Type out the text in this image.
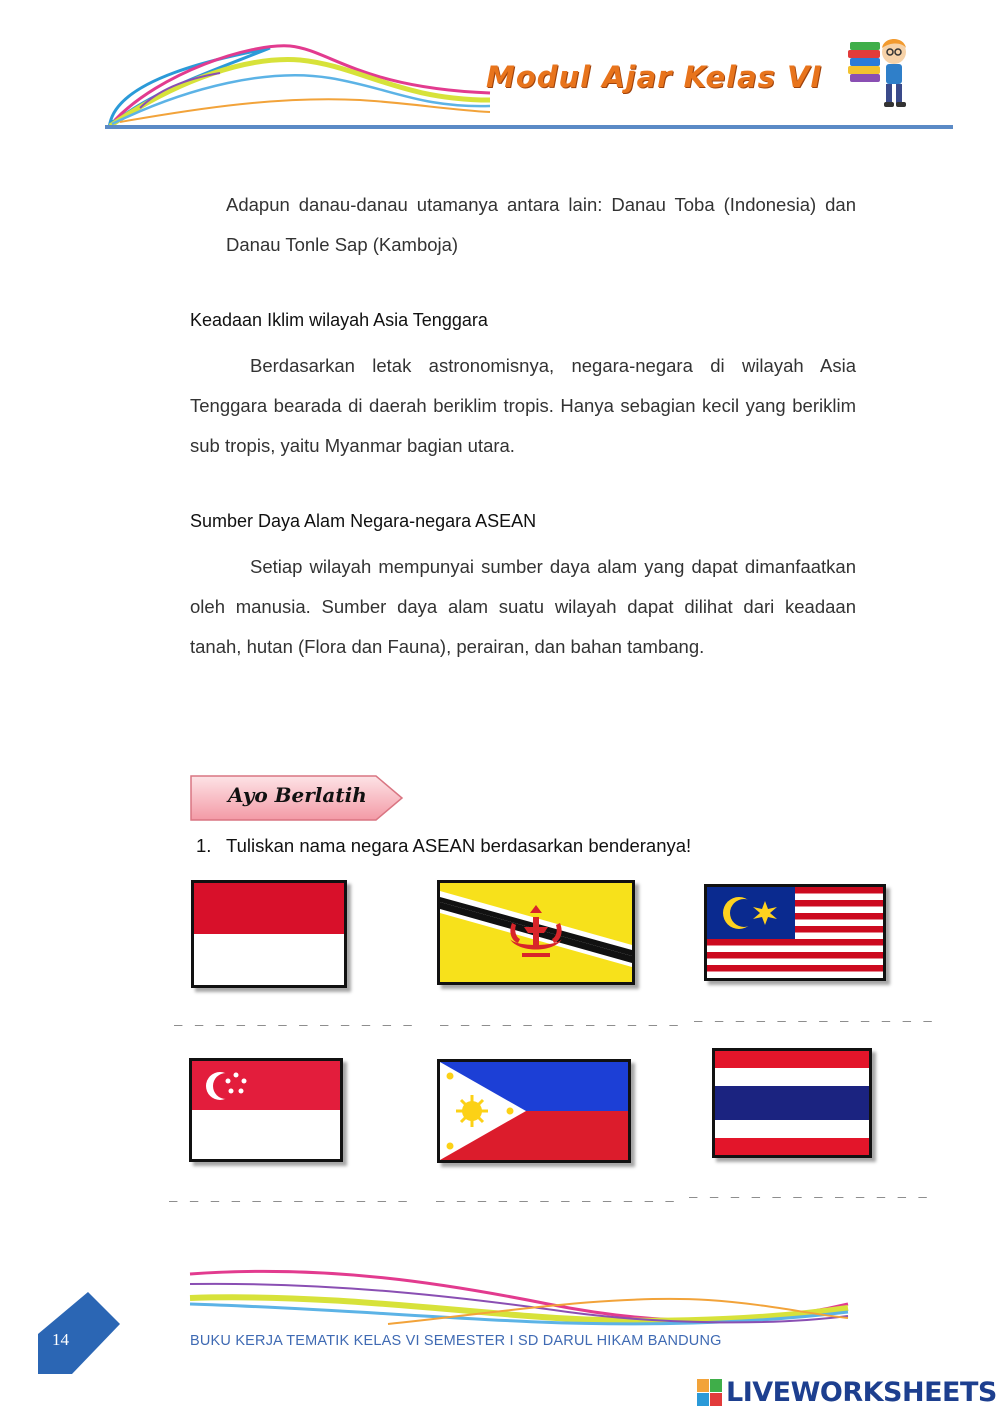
Modul Ajar Kelas VI
Adapun danau-danau utamanya antara lain: Danau Toba (Indonesia) dan Danau Tonle Sap (Kamboja)
Keadaan Iklim wilayah Asia Tenggara
Berdasarkan letak astronomisnya, negara-negara di wilayah Asia Tenggara bearada di daerah beriklim tropis. Hanya sebagian kecil yang beriklim sub tropis, yaitu Myanmar bagian utara.
Sumber Daya Alam Negara-negara ASEAN
Setiap wilayah mempunyai sumber daya alam yang dapat dimanfaatkan oleh manusia. Sumber daya alam suatu wilayah dapat dilihat dari keadaan tanah, hutan (Flora dan Fauna), perairan, dan bahan tambang.
Ayo Berlatih
1. Tuliskan nama negara ASEAN berdasarkan benderanya!
_ _ _ _ _ _ _ _ _ _ _ _ _ _ _ _ _ _ _ _ _ _ _ _ _ _ _ _ _ _ _ _ _ _ _ _
_ _ _ _ _ _ _ _ _ _ _ _ _ _ _ _ _ _ _ _ _ _ _ _ _ _ _ _ _ _ _ _ _ _ _ _
BUKU KERJA TEMATIK KELAS VI SEMESTER I SD DARUL HIKAM BANDUNG
14
LIVEWORKSHEETS
